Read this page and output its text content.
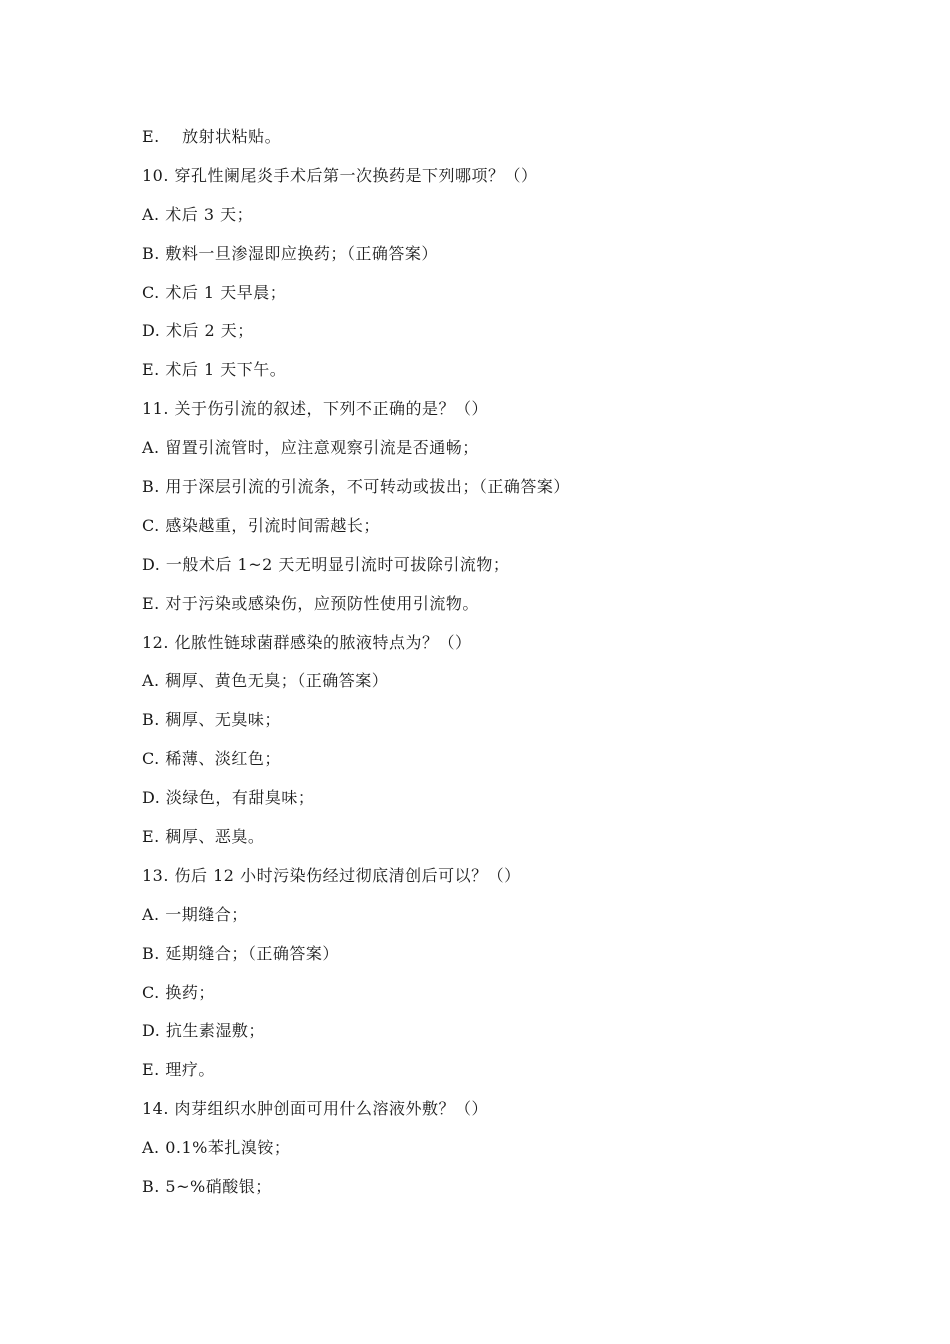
E.    放射状粘贴。
10. 穿孔性阑尾炎手术后第一次换药是下列哪项？（）
A. 术后 3 天；
B. 敷料一旦渗湿即应换药；（正确答案）
C. 术后 1 天早晨；
D. 术后 2 天；
E. 术后 1 天下午。
11. 关于伤引流的叙述，下列不正确的是？（）
A. 留置引流管时，应注意观察引流是否通畅；
B. 用于深层引流的引流条，不可转动或拔出；（正确答案）
C. 感染越重，引流时间需越长；
D. 一般术后 1~2 天无明显引流时可拔除引流物；
E. 对于污染或感染伤，应预防性使用引流物。
12. 化脓性链球菌群感染的脓液特点为？（）
A. 稠厚、黄色无臭；（正确答案）
B. 稠厚、无臭味；
C. 稀薄、淡红色；
D. 淡绿色，有甜臭味；
E. 稠厚、恶臭。
13. 伤后 12 小时污染伤经过彻底清创后可以？（）
A. 一期缝合；
B. 延期缝合；（正确答案）
C. 换药；
D. 抗生素湿敷；
E. 理疗。
14. 肉芽组织水肿创面可用什么溶液外敷？（）
A. 0.1%苯扎溴铵；
B. 5~%硝酸银；
